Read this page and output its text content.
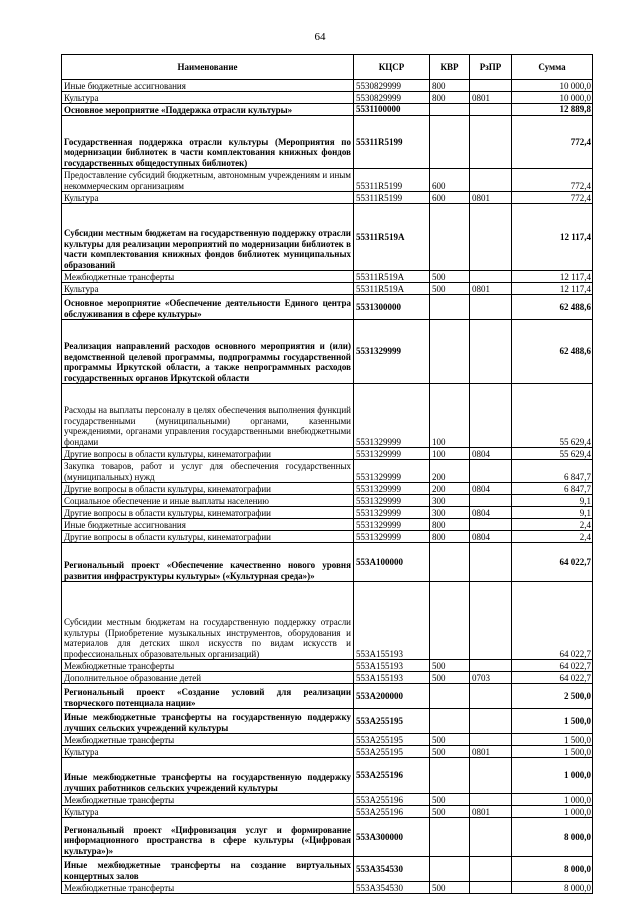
64
Наименование	КЦСР	КВР	РзПР	Сумма
Иные бюджетные ассигнования	5530829999	800		10 000,0
Культура	5530829999	800	0801	10 000,0
Основное мероприятие «Поддержка отрасли культуры»	5531100000			12 889,8
Государственная поддержка отрасли культуры (Мероприятия по модернизации библиотек в части комплектования книжных фондов государственных общедоступных библиотек)	55311R5199			772,4
Предоставление субсидий бюджетным, автономным учреждениям и иным некоммерческим организациям	55311R5199	600		772,4
Культура	55311R5199	600	0801	772,4
Субсидии местным бюджетам на государственную поддержку отрасли культуры для реализации мероприятий по модернизации библиотек в части комплектования книжных фондов библиотек муниципальных образований	55311R519A			12 117,4
Межбюджетные трансферты	55311R519A	500		12 117,4
Культура	55311R519A	500	0801	12 117,4
Основное мероприятие «Обеспечение деятельности Единого центра обслуживания в сфере культуры»	5531300000			62 488,6
Реализация направлений расходов основного мероприятия и (или) ведомственной целевой программы, подпрограммы государственной программы Иркутской области, а также непрограммных расходов государственных органов Иркутской области	5531329999			62 488,6
Расходы на выплаты персоналу в целях обеспечения выполнения функций государственными (муниципальными) органами, казенными учреждениями, органами управления государственными внебюджетными фондами	5531329999	100		55 629,4
Другие вопросы в области культуры, кинематографии	5531329999	100	0804	55 629,4
Закупка товаров, работ и услуг для обеспечения государственных (муниципальных) нужд	5531329999	200		6 847,7
Другие вопросы в области культуры, кинематографии	5531329999	200	0804	6 847,7
Социальное обеспечение и иные выплаты населению	5531329999	300		9,1
Другие вопросы в области культуры, кинематографии	5531329999	300	0804	9,1
Иные бюджетные ассигнования	5531329999	800		2,4
Другие вопросы в области культуры, кинематографии	5531329999	800	0804	2,4
Региональный проект «Обеспечение качественно нового уровня развития инфраструктуры культуры» («Культурная среда»)»	553A100000			64 022,7
Субсидии местным бюджетам на государственную поддержку отрасли культуры (Приобретение музыкальных инструментов, оборудования и материалов для детских школ искусств по видам искусств и профессиональных образовательных организаций)	553A155193			64 022,7
Межбюджетные трансферты	553A155193	500		64 022,7
Дополнительное образование детей	553A155193	500	0703	64 022,7
Региональный проект «Создание условий для реализации творческого потенциала нации»	553A200000			2 500,0
Иные межбюджетные трансферты на государственную поддержку лучших сельских учреждений культуры	553A255195			1 500,0
Межбюджетные трансферты	553A255195	500		1 500,0
Культура	553A255195	500	0801	1 500,0
Иные межбюджетные трансферты на государственную поддержку лучших работников сельских учреждений культуры	553A255196			1 000,0
Межбюджетные трансферты	553A255196	500		1 000,0
Культура	553A255196	500	0801	1 000,0
Региональный проект «Цифровизация услуг и формирование информационного пространства в сфере культуры («Цифровая культура»)»	553A300000			8 000,0
Иные межбюджетные трансферты на создание виртуальных концертных залов	553A354530			8 000,0
Межбюджетные трансферты	553A354530	500		8 000,0
